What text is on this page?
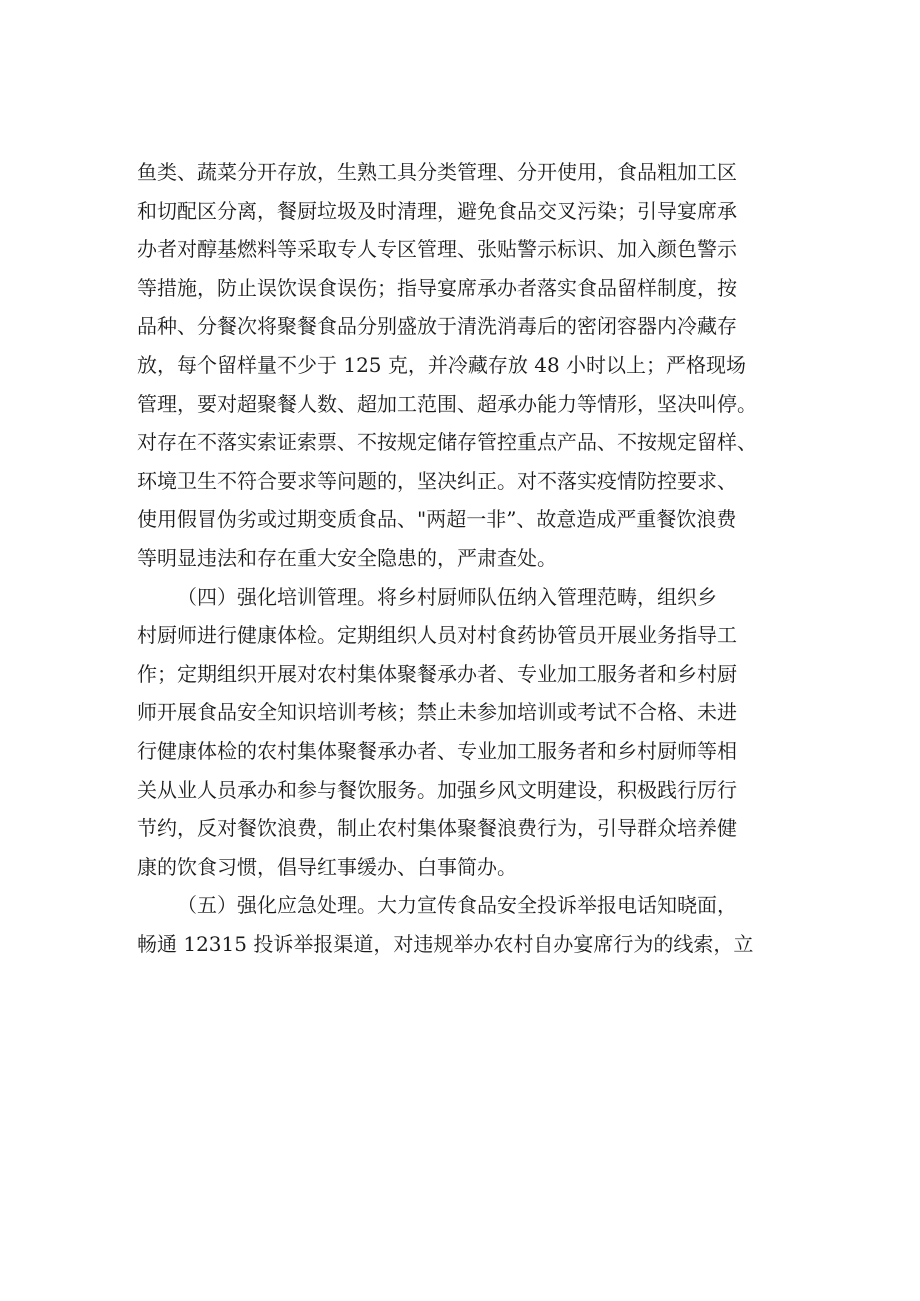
鱼类、蔬菜分开存放，生熟工具分类管理、分开使用，食品粗加工区
和切配区分离，餐厨垃圾及时清理，避免食品交叉污染；引导宴席承
办者对醇基燃料等采取专人专区管理、张贴警示标识、加入颜色警示
等措施，防止误饮误食误伤；指导宴席承办者落实食品留样制度，按
品种、分餐次将聚餐食品分别盛放于清洗消毒后的密闭容器内冷藏存
放，每个留样量不少于 125 克，并冷藏存放 48 小时以上；严格现场
管理，要对超聚餐人数、超加工范围、超承办能力等情形，坚决叫停。
对存在不落实索证索票、不按规定储存管控重点产品、不按规定留样、
环境卫生不符合要求等问题的，坚决纠正。对不落实疫情防控要求、
使用假冒伪劣或过期变质食品、"两超一非”、故意造成严重餐饮浪费
等明显违法和存在重大安全隐患的，严肃查处。
（四）强化培训管理。将乡村厨师队伍纳入管理范畴，组织乡
村厨师进行健康体检。定期组织人员对村食药协管员开展业务指导工
作；定期组织开展对农村集体聚餐承办者、专业加工服务者和乡村厨
师开展食品安全知识培训考核；禁止未参加培训或考试不合格、未进
行健康体检的农村集体聚餐承办者、专业加工服务者和乡村厨师等相
关从业人员承办和参与餐饮服务。加强乡风文明建设，积极践行厉行
节约，反对餐饮浪费，制止农村集体聚餐浪费行为，引导群众培养健
康的饮食习惯，倡导红事缓办、白事简办。
（五）强化应急处理。大力宣传食品安全投诉举报电话知晓面，
畅通 12315 投诉举报渠道，对违规举办农村自办宴席行为的线索，立
